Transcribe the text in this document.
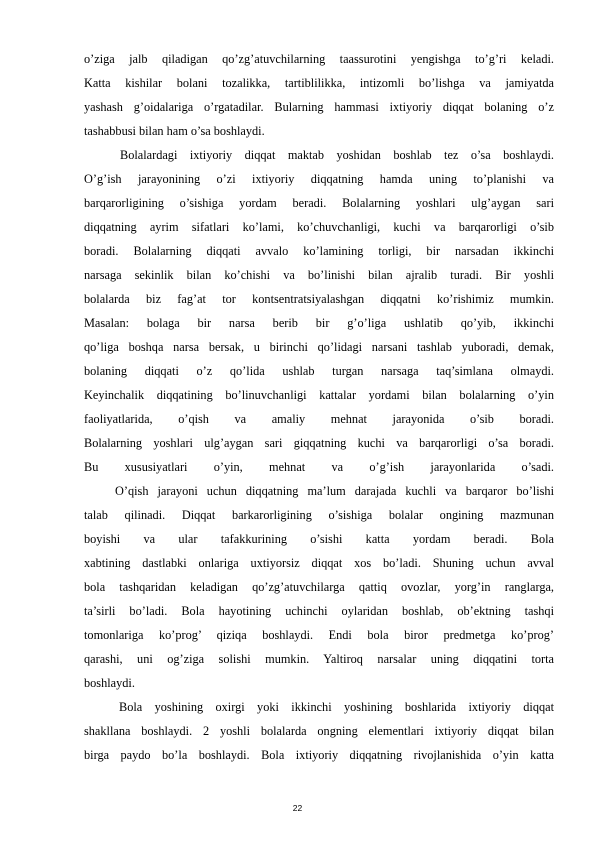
o’ziga jalb qiladigan qo’zg’atuvchilarning taassurotini yengishga to’g’ri keladi.
Katta kishilar bolani tozalikka, tartiblilikka, intizomli bo’lishga va jamiyatda
yashash g’oidalariga o’rgatadilar. Bularning hammasi ixtiyoriy diqqat bolaning o’z
tashabbusi bilan ham o’sa boshlaydi.
Bolalardagi ixtiyoriy diqqat maktab yoshidan boshlab tez o’sa boshlaydi.
O’g’ish jarayonining o’zi ixtiyoriy diqqatning hamda uning to’planishi va
barqarorligining o’sishiga yordam beradi. Bolalarning yoshlari ulg’aygan sari
diqqatning ayrim sifatlari ko’lami, ko’chuvchanligi, kuchi va barqarorligi o’sib
boradi. Bolalarning diqqati avvalo ko’lamining torligi, bir narsadan ikkinchi
narsaga sekinlik bilan ko’chishi va bo’linishi bilan ajralib turadi. Bir yoshli
bolalarda biz fag’at tor kontsentratsiyalashgan diqqatni ko’rishimiz mumkin.
Masalan: bolaga bir narsa berib bir g’o’liga ushlatib qo’yib, ikkinchi
qo’liga boshqa narsa bersak, u birinchi qo’lidagi narsani tashlab yuboradi, demak,
bolaning diqqati o’z qo’lida ushlab turgan narsaga taq’simlana olmaydi.
Keyinchalik diqqatining bo’linuvchanligi kattalar yordami bilan bolalarning o’yin
faoliyatlarida, o’qish va amaliy mehnat jarayonida o’sib boradi.
Bolalarning yoshlari ulg’aygan sari giqqatning kuchi va barqarorligi o’sa boradi.
Bu xususiyatlari o’yin, mehnat va o’g’ish jarayonlarida o’sadi.
O’qish jarayoni uchun diqqatning ma’lum darajada kuchli va barqaror bo’lishi
talab qilinadi. Diqqat barkarorligining o’sishiga bolalar ongining mazmunan
boyishi va ular tafakkurining o’sishi katta yordam beradi. Bola
xabtining dastlabki onlariga uxtiyorsiz diqqat xos bo’ladi. Shuning uchun avval
bola tashqaridan keladigan qo’zg’atuvchilarga qattiq ovozlar, yorg’in ranglarga,
ta’sirli bo’ladi. Bola hayotining uchinchi oylaridan boshlab, ob’ektning tashqi
tomonlariga ko’prog’ qiziqa boshlaydi. Endi bola biror predmetga ko’prog’
qarashi, uni og’ziga solishi mumkin. Yaltiroq narsalar uning diqqatini torta
boshlaydi.
Bola yoshining oxirgi yoki ikkinchi yoshining boshlarida ixtiyoriy diqqat
shakllana boshlaydi. 2 yoshli bolalarda ongning elementlari ixtiyoriy diqqat bilan
birga paydo bo’la boshlaydi. Bola ixtiyoriy diqqatning rivojlanishida o’yin katta
22
